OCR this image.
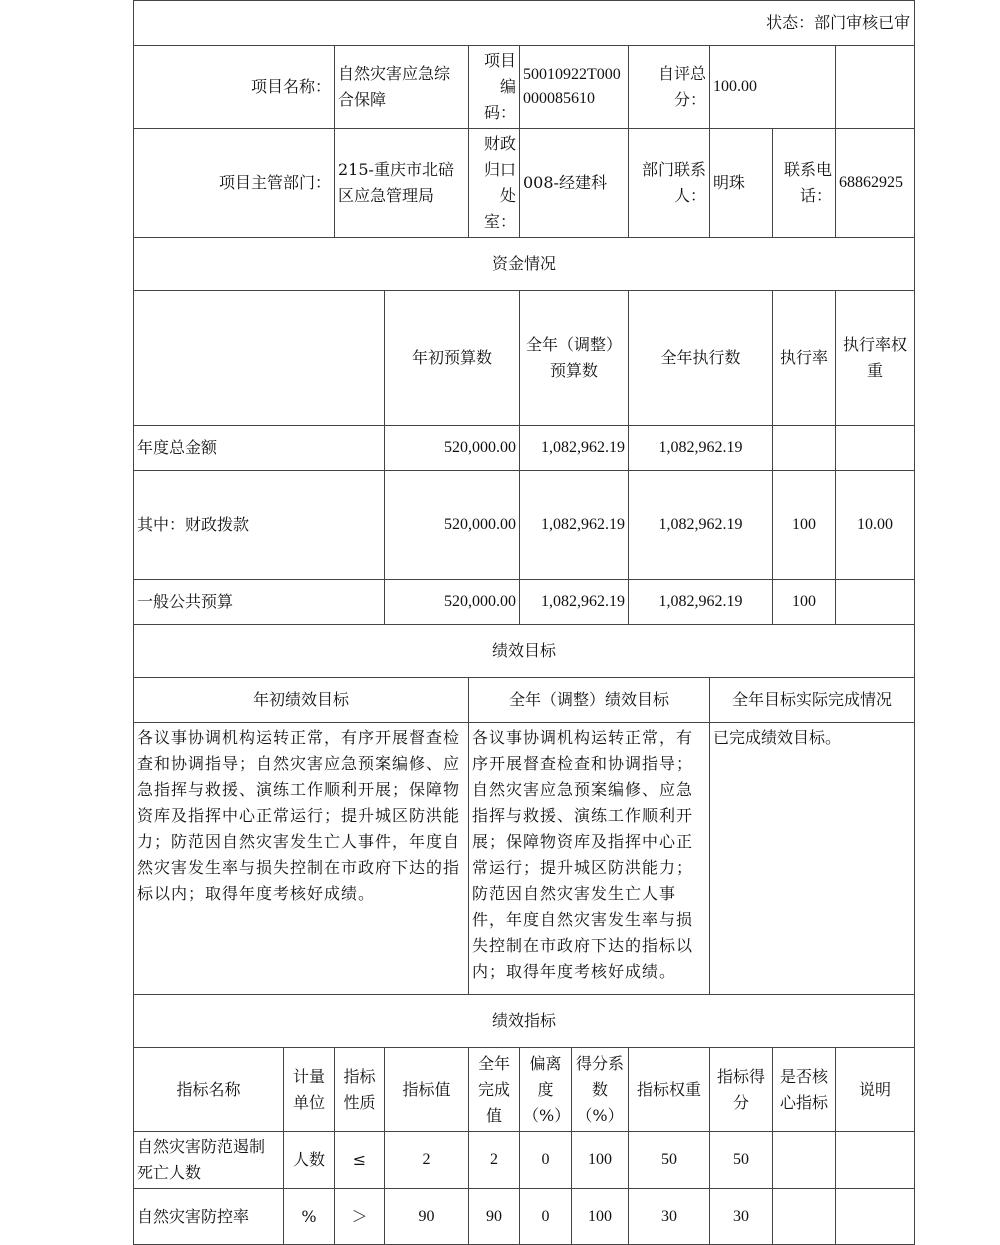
状态：部门审核已审											
项目名称：		自然灾害应急综合保障		项目编码：	50010922T000000085610		自评总分：	100.00			
项目主管部门：		215-重庆市北碚区应急管理局		财政归口处室：	008-经建科		部门联系人：	明珠	联系电话：	68862925	
资金情况											
			年初预算数		全年（调整）预算数		全年执行数		执行率	执行率权重	
年度总金额			520,000.00		1,082,962.19		1,082,962.19				
其中：财政拨款			520,000.00		1,082,962.19		1,082,962.19		100	10.00	
一般公共预算			520,000.00		1,082,962.19		1,082,962.19		100		
绩效目标											
年初绩效目标				全年（调整）绩效目标				全年目标实际完成情况			
各议事协调机构运转正常，有序开展督查检查和协调指导；自然灾害应急预案编修、应急指挥与救援、演练工作顺利开展；保障物资库及指挥中心正常运行；提升城区防洪能力；防范因自然灾害发生亡人事件，年度自然灾害发生率与损失控制在市政府下达的指标以内；取得年度考核好成绩。				各议事协调机构运转正常，有序开展督查检查和协调指导；自然灾害应急预案编修、应急指挥与救援、演练工作顺利开展；保障物资库及指挥中心正常运行；提升城区防洪能力；防范因自然灾害发生亡人事件，年度自然灾害发生率与损失控制在市政府下达的指标以内；取得年度考核好成绩。				已完成绩效目标。			
绩效指标											
指标名称	计量单位	指标性质	指标值	全年完成值	偏离度（%）	得分系数（%）	指标权重	指标得分	是否核心指标	说明	
自然灾害防范遏制死亡人数	人数	≤	2	2	0	100	50	50			
自然灾害防控率	%	＞	90	90	0	100	30	30			
